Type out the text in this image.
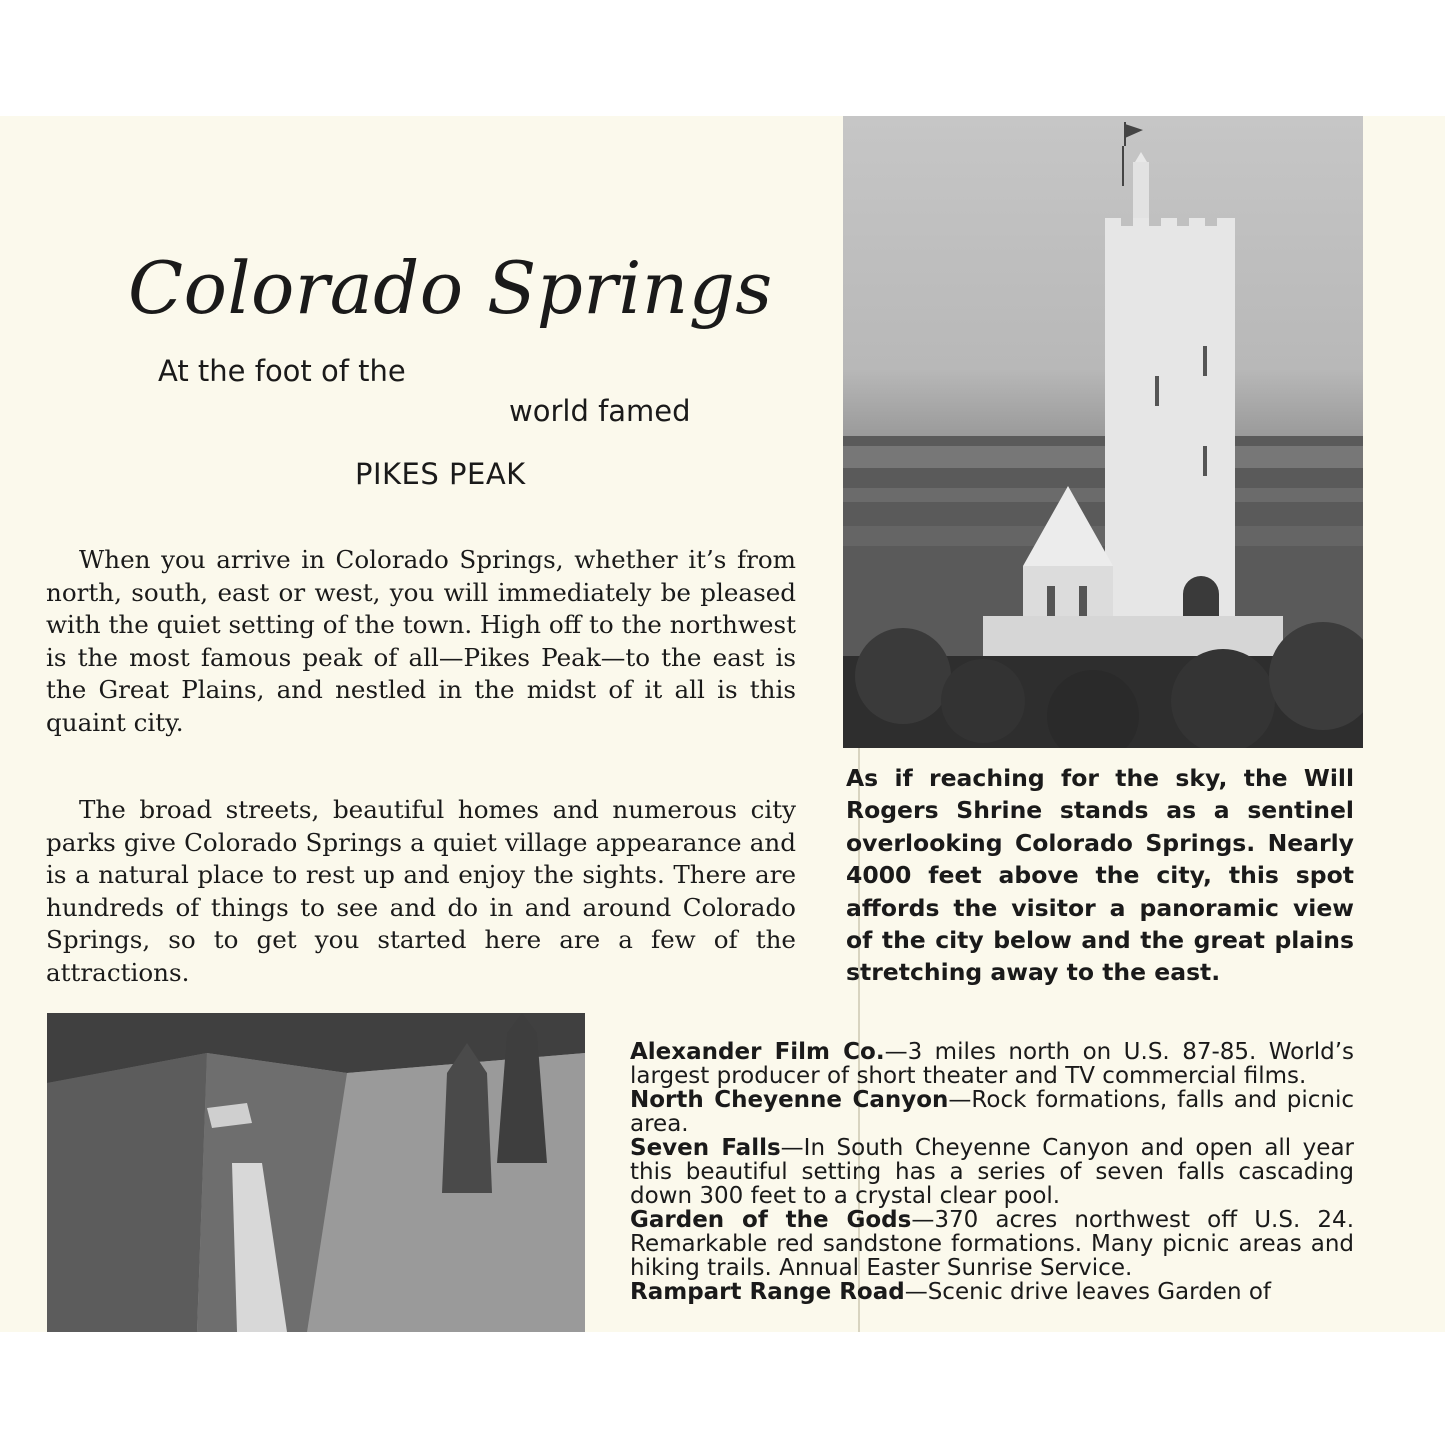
Colorado Springs

At the foot of the

world famed

PIKES PEAK

When you arrive in Colorado Springs, whether it’s from north, south, east or west, you will immediately be pleased with the quiet setting of the town. High off to the northwest is the most famous peak of all—Pikes Peak—to the east is the Great Plains, and nestled in the midst of it all is this quaint city.

The broad streets, beautiful homes and numerous city parks give Colorado Springs a quiet village appearance and is a natural place to rest up and enjoy the sights. There are hundreds of things to see and do in and around Colorado Springs, so to get you started here are a few of the attractions.

As if reaching for the sky, the Will Rogers Shrine stands as a sentinel overlooking Colorado Springs. Nearly 4000 feet above the city, this spot affords the visitor a panoramic view of the city below and the great plains stretching away to the east.

Alexander Film Co.—3 miles north on U.S. 87-85. World’s largest producer of short theater and TV commercial films.
North Cheyenne Canyon—Rock formations, falls and picnic area.
Seven Falls—In South Cheyenne Canyon and open all year this beautiful setting has a series of seven falls cascading down 300 feet to a crystal clear pool.
Garden of the Gods—370 acres northwest off U.S. 24. Remarkable red sandstone formations. Many picnic areas and hiking trails. Annual Easter Sunrise Service.
Rampart Range Road—Scenic drive leaves Garden of
